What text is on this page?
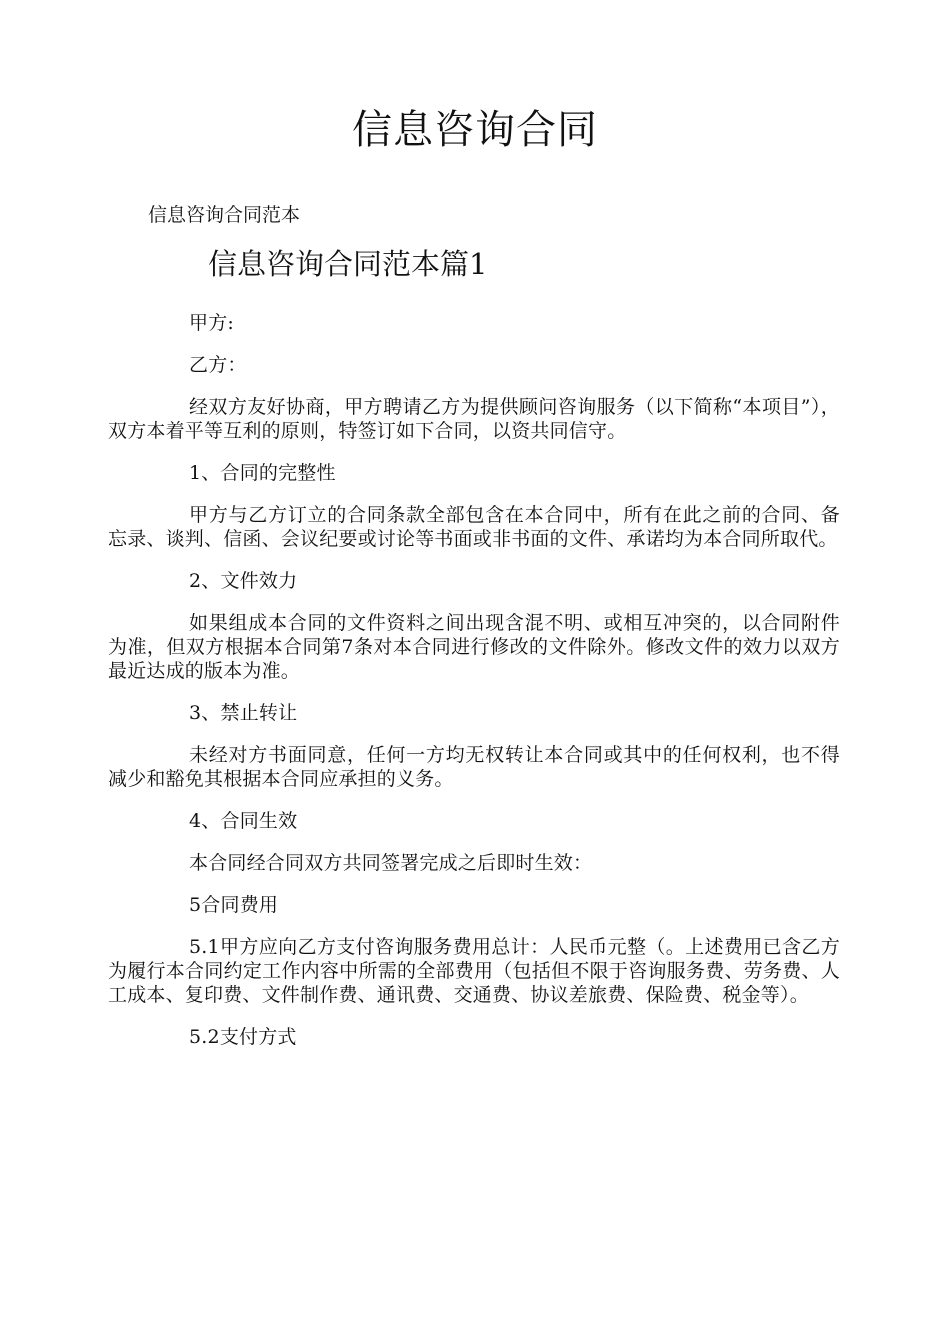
信息咨询合同
信息咨询合同范本
信息咨询合同范本篇1

甲方:

乙方：

经双方友好协商，甲方聘请乙方为提供顾问咨询服务（以下简称“本项目”），双方本着平等互利的原则，特签订如下合同，以资共同信守。

1、合同的完整性

甲方与乙方订立的合同条款全部包含在本合同中，所有在此之前的合同、备忘录、谈判、信函、会议纪要或讨论等书面或非书面的文件、承诺均为本合同所取代。

2、文件效力

如果组成本合同的文件资料之间出现含混不明、或相互冲突的，以合同附件为准，但双方根据本合同第7条对本合同进行修改的文件除外。修改文件的效力以双方最近达成的版本为准。

3、禁止转让

未经对方书面同意，任何一方均无权转让本合同或其中的任何权利，也不得减少和豁免其根据本合同应承担的义务。

4、合同生效

本合同经合同双方共同签署完成之后即时生效：

5合同费用

5.1甲方应向乙方支付咨询服务费用总计：人民币元整（。上述费用已含乙方为履行本合同约定工作内容中所需的全部费用（包括但不限于咨询服务费、劳务费、人工成本、复印费、文件制作费、通讯费、交通费、协议差旅费、保险费、税金等）。

5.2支付方式
